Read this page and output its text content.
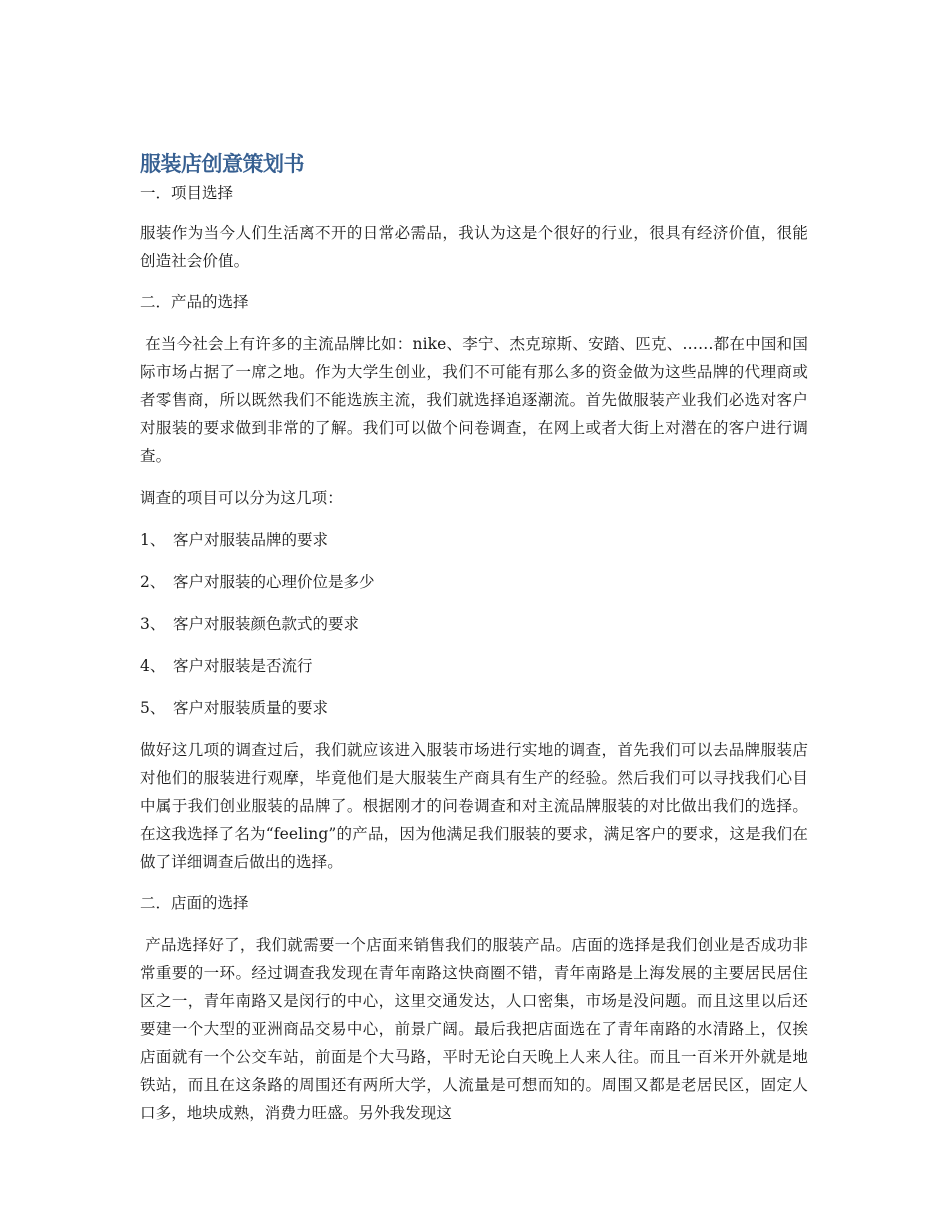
服装店创意策划书

一．项目选择

服装作为当今人们生活离不开的日常必需品，我认为这是个很好的行业，很具有经济价值，很能创造社会价值。

二．产品的选择

在当今社会上有许多的主流品牌比如：nike、李宁、杰克琼斯、安踏、匹克、……都在中国和国际市场占据了一席之地。作为大学生创业，我们不可能有那么多的资金做为这些品牌的代理商或者零售商，所以既然我们不能选族主流，我们就选择追逐潮流。首先做服装产业我们必选对客户对服装的要求做到非常的了解。我们可以做个问卷调查，在网上或者大街上对潜在的客户进行调查。

调查的项目可以分为这几项：

1、 客户对服装品牌的要求

2、 客户对服装的心理价位是多少

3、 客户对服装颜色款式的要求

4、 客户对服装是否流行

5、 客户对服装质量的要求

做好这几项的调查过后，我们就应该进入服装市场进行实地的调查，首先我们可以去品牌服装店对他们的服装进行观摩，毕竟他们是大服装生产商具有生产的经验。然后我们可以寻找我们心目中属于我们创业服装的品牌了。根据刚才的问卷调查和对主流品牌服装的对比做出我们的选择。在这我选择了名为“feeling”的产品，因为他满足我们服装的要求，满足客户的要求，这是我们在做了详细调查后做出的选择。

二．店面的选择

产品选择好了，我们就需要一个店面来销售我们的服装产品。店面的选择是我们创业是否成功非常重要的一环。经过调查我发现在青年南路这快商圈不错，青年南路是上海发展的主要居民居住区之一，青年南路又是闵行的中心，这里交通发达，人口密集，市场是没问题。而且这里以后还要建一个大型的亚洲商品交易中心，前景广阔。最后我把店面选在了青年南路的水清路上，仅挨店面就有一个公交车站，前面是个大马路，平时无论白天晚上人来人往。而且一百米开外就是地铁站，而且在这条路的周围还有两所大学，人流量是可想而知的。周围又都是老居民区，固定人口多，地块成熟，消费力旺盛。另外我发现这
